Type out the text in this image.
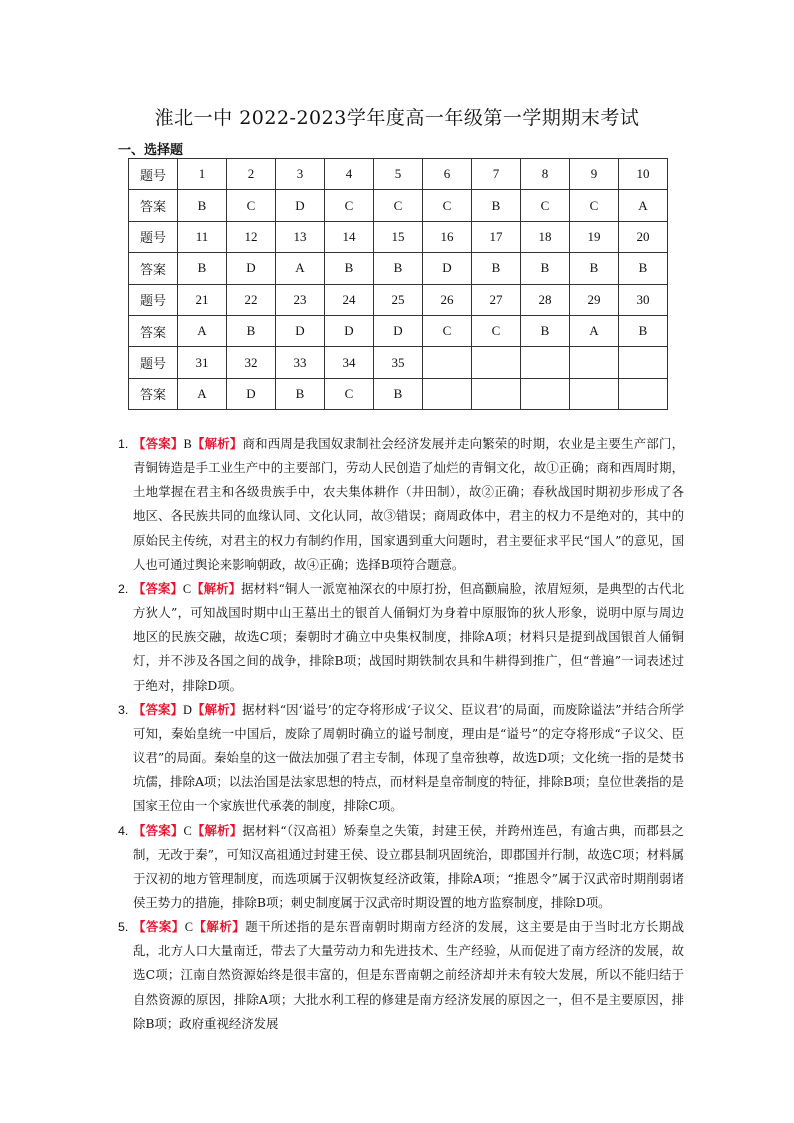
淮北一中 2022-2023学年度高一年级第一学期期末考试
一、选择题
题号	1	2	3	4	5	6	7	8	9	10
答案	B	C	D	C	C	C	B	C	C	A
题号	11	12	13	14	15	16	17	18	19	20
答案	B	D	A	B	B	D	B	B	B	B
题号	21	22	23	24	25	26	27	28	29	30
答案	A	B	D	D	D	C	C	B	A	B
题号	31	32	33	34	35					
答案	A	D	B	C	B					
1. 【答案】B【解析】商和西周是我国奴隶制社会经济发展并走向繁荣的时期，农业是主要生产部门，青铜铸造是手工业生产中的主要部门，劳动人民创造了灿烂的青铜文化，故①正确；商和西周时期，土地掌握在君主和各级贵族手中，农夫集体耕作（井田制），故②正确；春秋战国时期初步形成了各地区、各民族共同的血缘认同、文化认同，故③错误；商周政体中，君主的权力不是绝对的，其中的原始民主传统，对君主的权力有制约作用，国家遇到重大问题时，君主要征求平民“国人”的意见，国人也可通过舆论来影响朝政，故④正确；选择B项符合题意。
2. 【答案】C【解析】据材料“铜人一派宽袖深衣的中原打扮，但高颧扁脸，浓眉短须，是典型的古代北方狄人”，可知战国时期中山王墓出土的银首人俑铜灯为身着中原服饰的狄人形象，说明中原与周边地区的民族交融，故选C项；秦朝时才确立中央集权制度，排除A项；材料只是提到战国银首人俑铜灯，并不涉及各国之间的战争，排除B项；战国时期铁制农具和牛耕得到推广，但“普遍”一词表述过于绝对，排除D项。
3. 【答案】D【解析】据材料“因‘谥号’的定夺将形成‘子议父、臣议君’的局面，而废除谥法”并结合所学可知，秦始皇统一中国后，废除了周朝时确立的谥号制度，理由是“谥号”的定夺将形成“子议父、臣议君”的局面。秦始皇的这一做法加强了君主专制，体现了皇帝独尊，故选D项；文化统一指的是焚书坑儒，排除A项；以法治国是法家思想的特点，而材料是皇帝制度的特征，排除B项；皇位世袭指的是国家王位由一个家族世代承袭的制度，排除C项。
4. 【答案】C【解析】据材料“（汉高祖）矫秦皇之失策，封建王侯，并跨州连邑，有逾古典，而郡县之制，无改于秦”，可知汉高祖通过封建王侯、设立郡县制巩固统治，即郡国并行制，故选C项；材料属于汉初的地方管理制度，而选项属于汉朝恢复经济政策，排除A项；“推恩令”属于汉武帝时期削弱诸侯王势力的措施，排除B项；刺史制度属于汉武帝时期设置的地方监察制度，排除D项。
5. 【答案】C【解析】题干所述指的是东晋南朝时期南方经济的发展，这主要是由于当时北方长期战乱，北方人口大量南迁，带去了大量劳动力和先进技术、生产经验，从而促进了南方经济的发展，故选C项；江南自然资源始终是很丰富的，但是东晋南朝之前经济却并未有较大发展，所以不能归结于自然资源的原因，排除A项；大批水利工程的修建是南方经济发展的原因之一，但不是主要原因，排除B项；政府重视经济发展
